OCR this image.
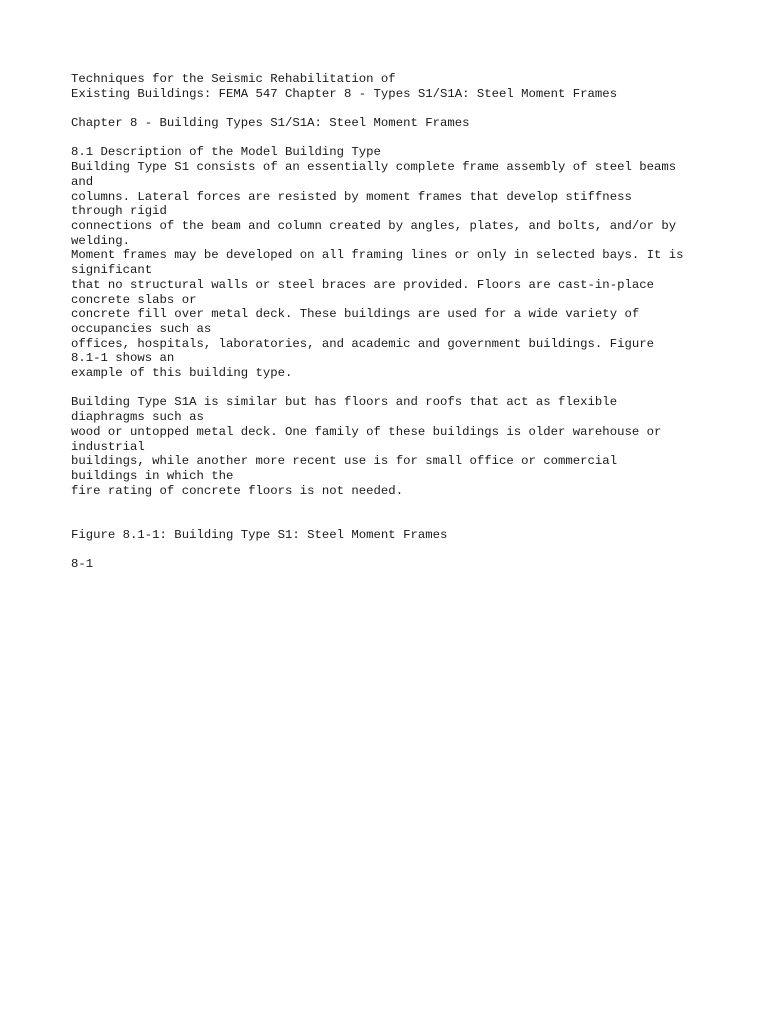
Techniques for the Seismic Rehabilitation of
Existing Buildings: FEMA 547 Chapter 8 - Types S1/S1A: Steel Moment Frames
Chapter 8 - Building Types S1/S1A: Steel Moment Frames
8.1 Description of the Model Building Type
Building Type S1 consists of an essentially complete frame assembly of steel beams
and
columns. Lateral forces are resisted by moment frames that develop stiffness
through rigid
connections of the beam and column created by angles, plates, and bolts, and/or by
welding.
Moment frames may be developed on all framing lines or only in selected bays. It is
significant
that no structural walls or steel braces are provided. Floors are cast-in-place
concrete slabs or
concrete fill over metal deck. These buildings are used for a wide variety of
occupancies such as
offices, hospitals, laboratories, and academic and government buildings. Figure
8.1-1 shows an
example of this building type.
Building Type S1A is similar but has floors and roofs that act as flexible
diaphragms such as
wood or untopped metal deck. One family of these buildings is older warehouse or
industrial
buildings, while another more recent use is for small office or commercial
buildings in which the
fire rating of concrete floors is not needed.
Figure 8.1-1: Building Type S1: Steel Moment Frames
8-1
